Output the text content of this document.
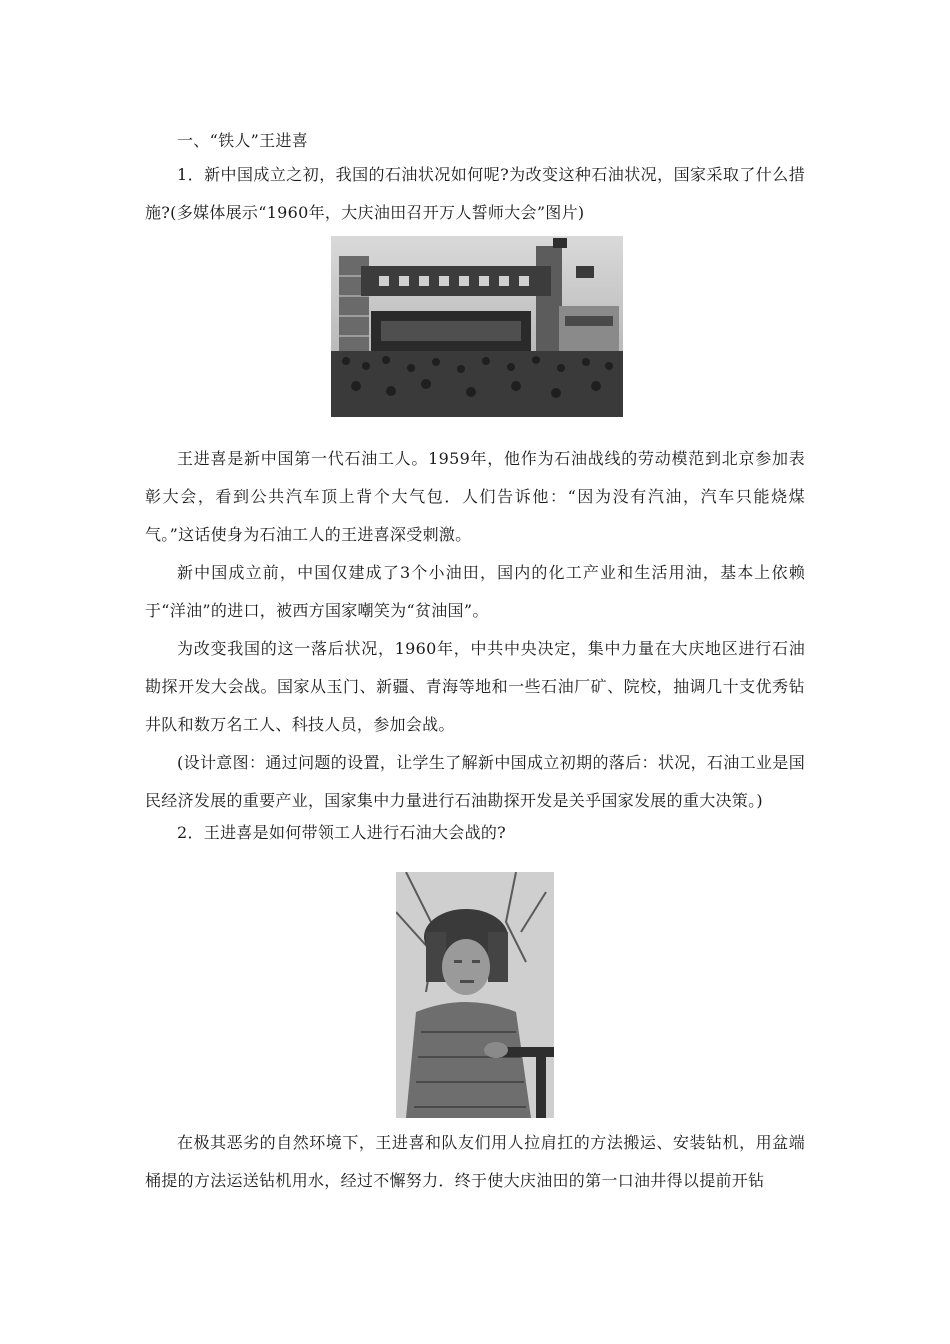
一、“铁人”王进喜

1．新中国成立之初，我国的石油状况如何呢?为改变这种石油状况，国家采取了什么措施?(多媒体展示“1960年，大庆油田召开万人誓师大会”图片)

王进喜是新中国第一代石油工人。1959年，他作为石油战线的劳动模范到北京参加表彰大会，看到公共汽车顶上背个大气包．人们告诉他：“因为没有汽油，汽车只能烧煤气。”这话使身为石油工人的王进喜深受刺激。

新中国成立前，中国仅建成了3个小油田，国内的化工产业和生活用油，基本上依赖于“洋油”的进口，被西方国家嘲笑为“贫油国”。

为改变我国的这一落后状况，1960年，中共中央决定，集中力量在大庆地区进行石油勘探开发大会战。国家从玉门、新疆、青海等地和一些石油厂矿、院校，抽调几十支优秀钻井队和数万名工人、科技人员，参加会战。

(设计意图：通过问题的设置，让学生了解新中国成立初期的落后：状况，石油工业是国民经济发展的重要产业，国家集中力量进行石油勘探开发是关乎国家发展的重大决策。)

2．王进喜是如何带领工人进行石油大会战的?

在极其恶劣的自然环境下，王进喜和队友们用人拉肩扛的方法搬运、安装钻机，用盆端桶提的方法运送钻机用水，经过不懈努力．终于使大庆油田的第一口油井得以提前开钻
